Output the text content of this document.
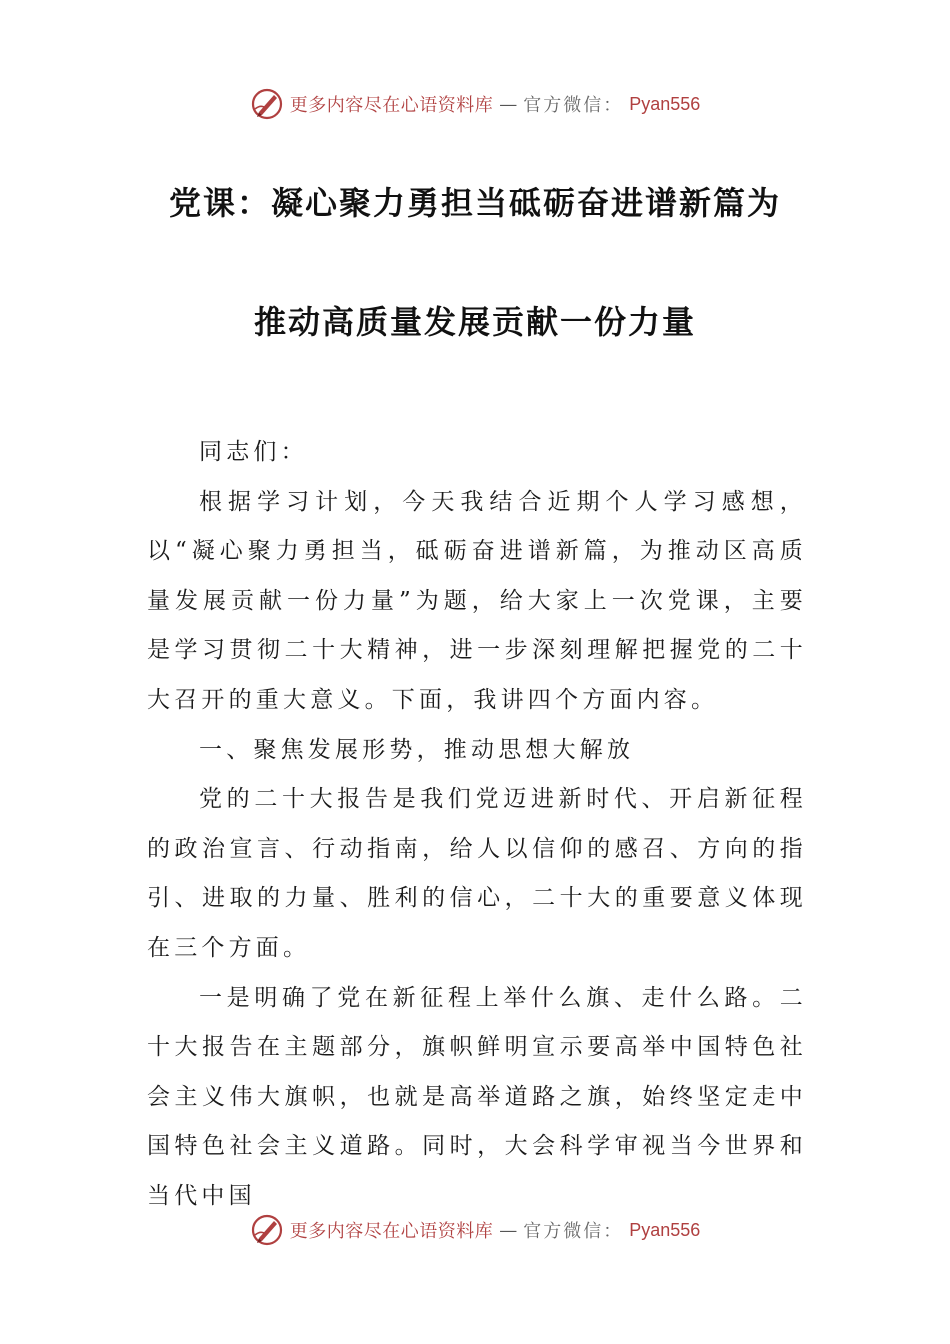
更多内容尽在心语资料库 — 官方微信： Pyan556
党课：凝心聚力勇担当砥砺奋进谱新篇为
推动高质量发展贡献一份力量

同志们：

根据学习计划，今天我结合近期个人学习感想，以“凝心聚力勇担当，砥砺奋进谱新篇，为推动区高质量发展贡献一份力量”为题，给大家上一次党课，主要是学习贯彻二十大精神，进一步深刻理解把握党的二十大召开的重大意义。下面，我讲四个方面内容。

一、聚焦发展形势，推动思想大解放

党的二十大报告是我们党迈进新时代、开启新征程的政治宣言、行动指南，给人以信仰的感召、方向的指引、进取的力量、胜利的信心，二十大的重要意义体现在三个方面。

一是明确了党在新征程上举什么旗、走什么路。二十大报告在主题部分，旗帜鲜明宣示要高举中国特色社会主义伟大旗帜，也就是高举道路之旗，始终坚定走中国特色社会主义道路。同时，大会科学审视当今世界和当代中国

更多内容尽在心语资料库 — 官方微信： Pyan556
